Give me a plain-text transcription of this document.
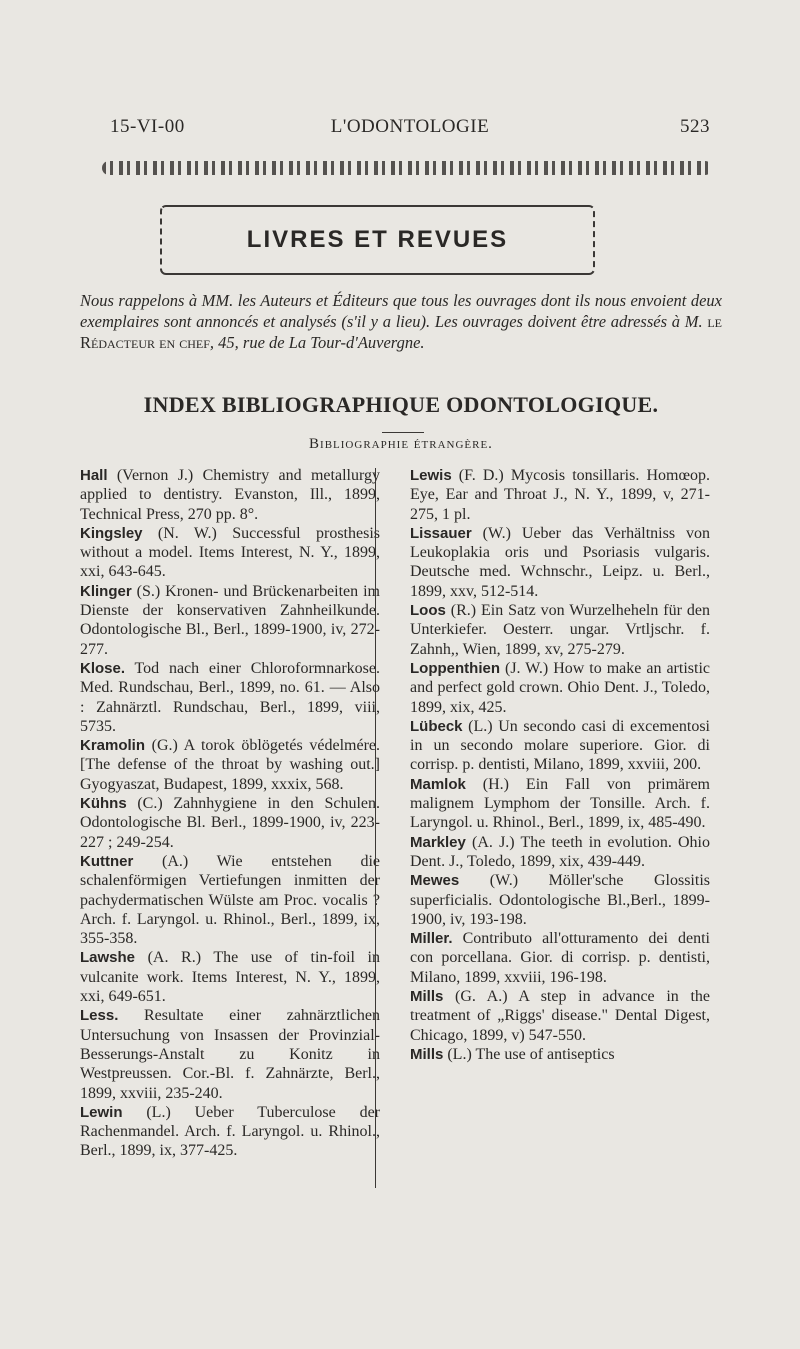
15-VI-00	L'ODONTOLOGIE	523
LIVRES ET REVUES
Nous rappelons à MM. les Auteurs et Éditeurs que tous les ouvrages dont ils nous envoient deux exemplaires sont annoncés et analysés (s'il y a lieu). Les ouvrages doivent être adressés à M. le Rédacteur en chef, 45, rue de La Tour-d'Auvergne.
INDEX BIBLIOGRAPHIQUE ODONTOLOGIQUE.
Bibliographie étrangère.

Hall (Vernon J.) Chemistry and metallurgy applied to dentistry. Evanston, Ill., 1899, Technical Press, 270 pp. 8°.

Kingsley (N. W.) Successful prosthesis without a model. Items Interest, N. Y., 1899, xxi, 643-645.

Klinger (S.) Kronen- und Brückenarbeiten im Dienste der konservativen Zahnheilkunde. Odontologische Bl., Berl., 1899-1900, iv, 272-277.

Klose. Tod nach einer Chloroformnarkose. Med. Rundschau, Berl., 1899, no. 61. — Also : Zahnärztl. Rundschau, Berl., 1899, viii, 5735.

Kramolin (G.) A torok öblögetés védelmére. [The defense of the throat by washing out.] Gyogyaszat, Budapest, 1899, xxxix, 568.

Kühns (C.) Zahnhygiene in den Schulen. Odontologische Bl. Berl., 1899-1900, iv, 223-227 ; 249-254.

Kuttner (A.) Wie entstehen die schalenförmigen Vertiefungen inmitten der pachydermatischen Wülste am Proc. vocalis ? Arch. f. Laryngol. u. Rhinol., Berl., 1899, ix, 355-358.

Lawshe (A. R.) The use of tin-foil in vulcanite work. Items Interest, N. Y., 1899, xxi, 649-651.

Less. Resultate einer zahnärztlichen Untersuchung von Insassen der Provinzial-Besserungs-Anstalt zu Konitz in Westpreussen. Cor.-Bl. f. Zahnärzte, Berl., 1899, xxviii, 235-240.

Lewin (L.) Ueber Tuberculose der Rachenmandel. Arch. f. Laryngol. u. Rhinol., Berl., 1899, ix, 377-425.

Lewis (F. D.) Mycosis tonsillaris. Homœop. Eye, Ear and Throat J., N. Y., 1899, v, 271-275, 1 pl.

Lissauer (W.) Ueber das Verhältniss von Leukoplakia oris und Psoriasis vulgaris. Deutsche med. Wchnschr., Leipz. u. Berl., 1899, xxv, 512-514.

Loos (R.) Ein Satz von Wurzelheheln für den Unterkiefer. Oesterr. ungar. Vrtljschr. f. Zahnh,, Wien, 1899, xv, 275-279.

Loppenthien (J. W.) How to make an artistic and perfect gold crown. Ohio Dent. J., Toledo, 1899, xix, 425.

Lübeck (L.) Un secondo casi di excementosi in un secondo molare superiore. Gior. di corrisp. p. dentisti, Milano, 1899, xxviii, 200.

Mamlok (H.) Ein Fall von primärem malignem Lymphom der Tonsille. Arch. f. Laryngol. u. Rhinol., Berl., 1899, ix, 485-490.

Markley (A. J.) The teeth in evolution. Ohio Dent. J., Toledo, 1899, xix, 439-449.

Mewes (W.) Möller'sche Glossitis superficialis. Odontologische Bl.,Berl., 1899-1900, iv, 193-198.

Miller. Contributo all'otturamento dei denti con porcellana. Gior. di corrisp. p. dentisti, Milano, 1899, xxviii, 196-198.

Mills (G. A.) A step in advance in the treatment of „Riggs' disease." Dental Digest, Chicago, 1899, v) 547-550.

Mills (L.) The use of antiseptics
